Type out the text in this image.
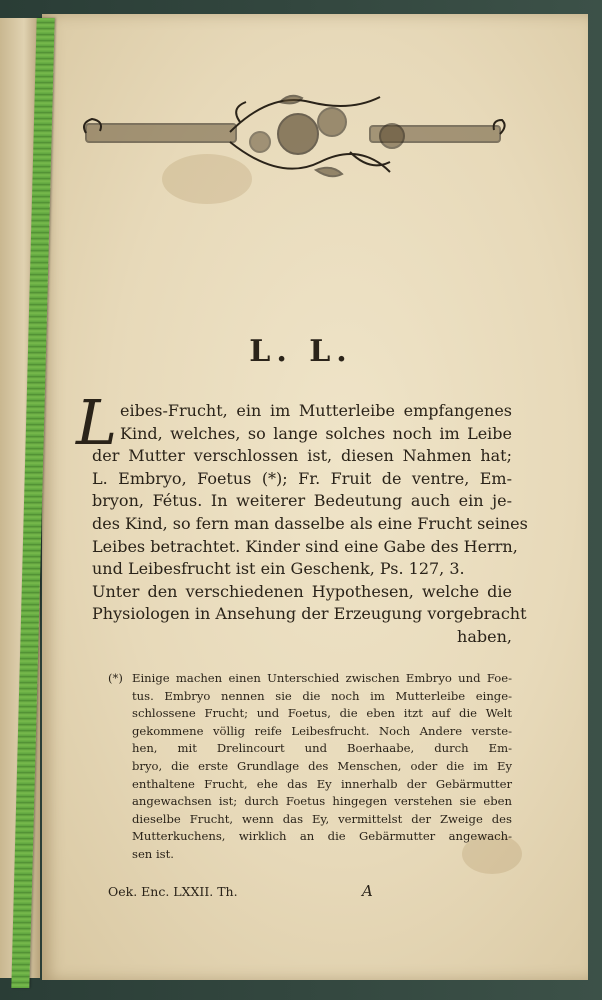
L. L.
L eibes-Frucht, ein im Mutterleibe empfangenes
Kind, welches, so lange solches noch im Leibe
der Mutter verschlossen ist, diesen Nahmen hat;
L. Embryo, Foetus (*); Fr. Fruit de ventre, Em-
bryon, Fétus. In weiterer Bedeutung auch ein je-
des Kind, so fern man dasselbe als eine Frucht seines
Leibes betrachtet. Kinder sind eine Gabe des Herrn,
und Leibesfrucht ist ein Geschenk, Ps. 127, 3.
Unter den verschiedenen Hypothesen, welche die
Physiologen in Ansehung der Erzeugung vorgebracht
haben,
(*) Einige machen einen Unterschied zwischen Embryo und Foe-
tus. Embryo nennen sie die noch im Mutterleibe einge-
schlossene Frucht; und Foetus, die eben itzt auf die Welt
gekommene völlig reife Leibesfrucht. Noch Andere verste-
hen, mit Drelincourt und Boerhaabe, durch Em-
bryo, die erste Grundlage des Menschen, oder die im Ey
enthaltene Frucht, ehe das Ey innerhalb der Gebärmutter
angewachsen ist; durch Foetus hingegen verstehen sie eben
dieselbe Frucht, wenn das Ey, vermittelst der Zweige des
Mutterkuchens, wirklich an die Gebärmutter angewach-
sen ist.
Oek. Enc. LXXII. Th.	A
